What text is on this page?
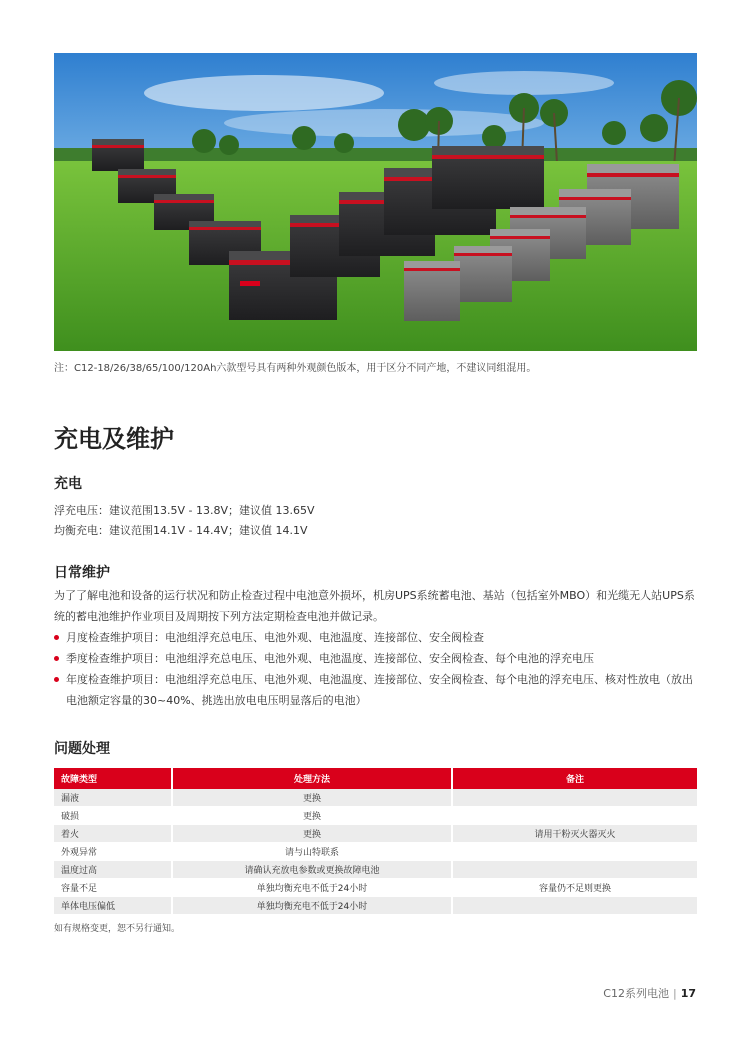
注：C12-18/26/38/65/100/120Ah六款型号具有两种外观颜色版本，用于区分不同产地，不建议同组混用。
充电及维护
充电
浮充电压：建议范围13.5V - 13.8V；建议值 13.65V
均衡充电：建议范围14.1V - 14.4V；建议值 14.1V
日常维护
为了了解电池和设备的运行状况和防止检查过程中电池意外损坏，机房UPS系统蓄电池、基站（包括室外MBO）和光缆无人站UPS系统的蓄电池维护作业项目及周期按下列方法定期检查电池并做记录。
月度检查维护项目：电池组浮充总电压、电池外观、电池温度、连接部位、安全阀检查
季度检查维护项目：电池组浮充总电压、电池外观、电池温度、连接部位、安全阀检查、每个电池的浮充电压
年度检查维护项目：电池组浮充总电压、电池外观、电池温度、连接部位、安全阀检查、每个电池的浮充电压、核对性放电（放出电池额定容量的30~40%、挑选出放电电压明显落后的电池）
问题处理
故障类型	处理方法	备注
漏液	更换	
破损	更换	
着火	更换	请用干粉灭火器灭火
外观异常	请与山特联系	
温度过高	请确认充放电参数或更换故障电池	
容量不足	单独均衡充电不低于24小时	容量仍不足则更换
单体电压偏低	单独均衡充电不低于24小时	
如有规格变更，恕不另行通知。
C12系列电池 | 17
